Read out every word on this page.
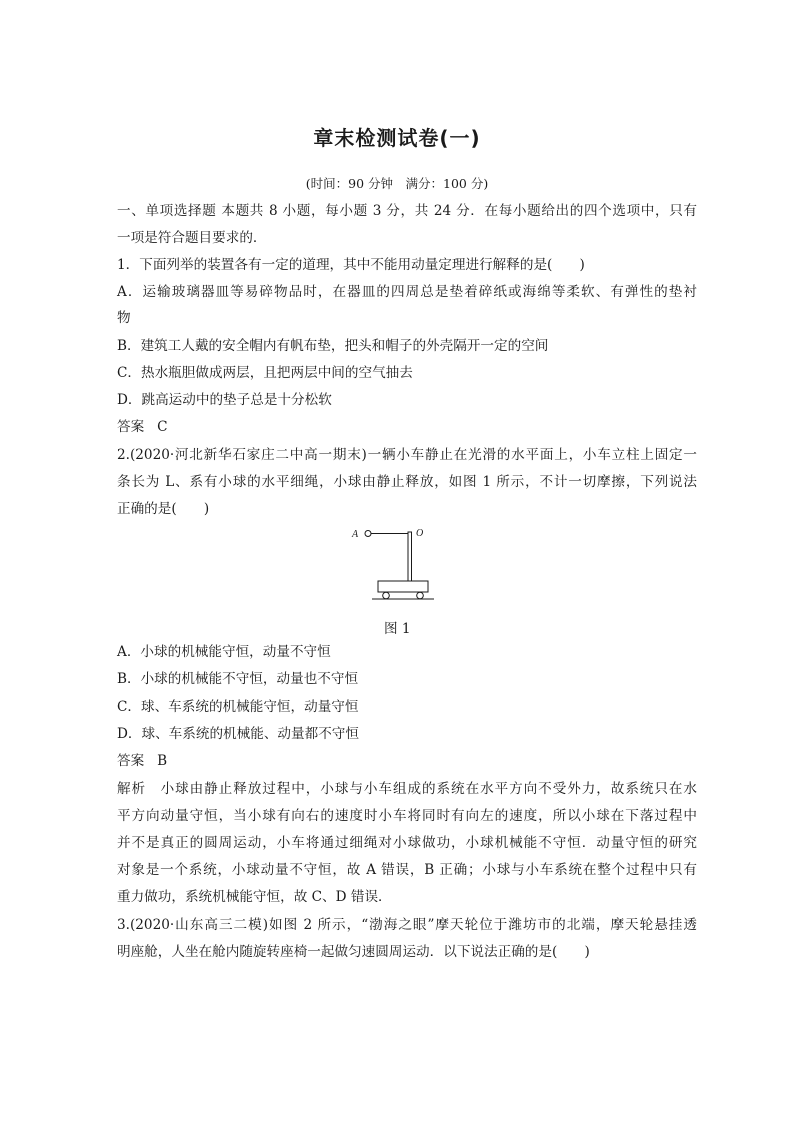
章末检测试卷(一)
(时间：90 分钟　满分：100 分)
一、单项选择题 本题共 8 小题，每小题 3 分，共 24 分．在每小题给出的四个选项中，只有
一项是符合题目要求的．
1．下面列举的装置各有一定的道理，其中不能用动量定理进行解释的是(　　)
A．运输玻璃器皿等易碎物品时，在器皿的四周总是垫着碎纸或海绵等柔软、有弹性的垫衬
物
B．建筑工人戴的安全帽内有帆布垫，把头和帽子的外壳隔开一定的空间
C．热水瓶胆做成两层，且把两层中间的空气抽去
D．跳高运动中的垫子总是十分松软
答案 C
2.(2020·河北新华石家庄二中高一期末)一辆小车静止在光滑的水平面上，小车立柱上固定一
条长为 L、系有小球的水平细绳，小球由静止释放，如图 1 所示，不计一切摩擦，下列说法
正确的是(　　)
A	O
图 1
A．小球的机械能守恒，动量不守恒
B．小球的机械能不守恒，动量也不守恒
C．球、车系统的机械能守恒，动量守恒
D．球、车系统的机械能、动量都不守恒
答案 B
解析　 小球由静止释放过程中，小球与小车组成的系统在水平方向不受外力，故系统只在水
平方向动量守恒，当小球有向右的速度时小车将同时有向左的速度，所以小球在下落过程中
并不是真正的圆周运动，小车将通过细绳对小球做功，小球机械能不守恒．动量守恒的研究
对象是一个系统，小球动量不守恒，故 A 错误，B 正确；小球与小车系统在整个过程中只有
重力做功，系统机械能守恒，故 C、D 错误．
3.(2020·山东高三二模)如图 2 所示，“渤海之眼”摩天轮位于潍坊市的北端，摩天轮悬挂透
明座舱，人坐在舱内随旋转座椅一起做匀速圆周运动．以下说法正确的是(　　)
